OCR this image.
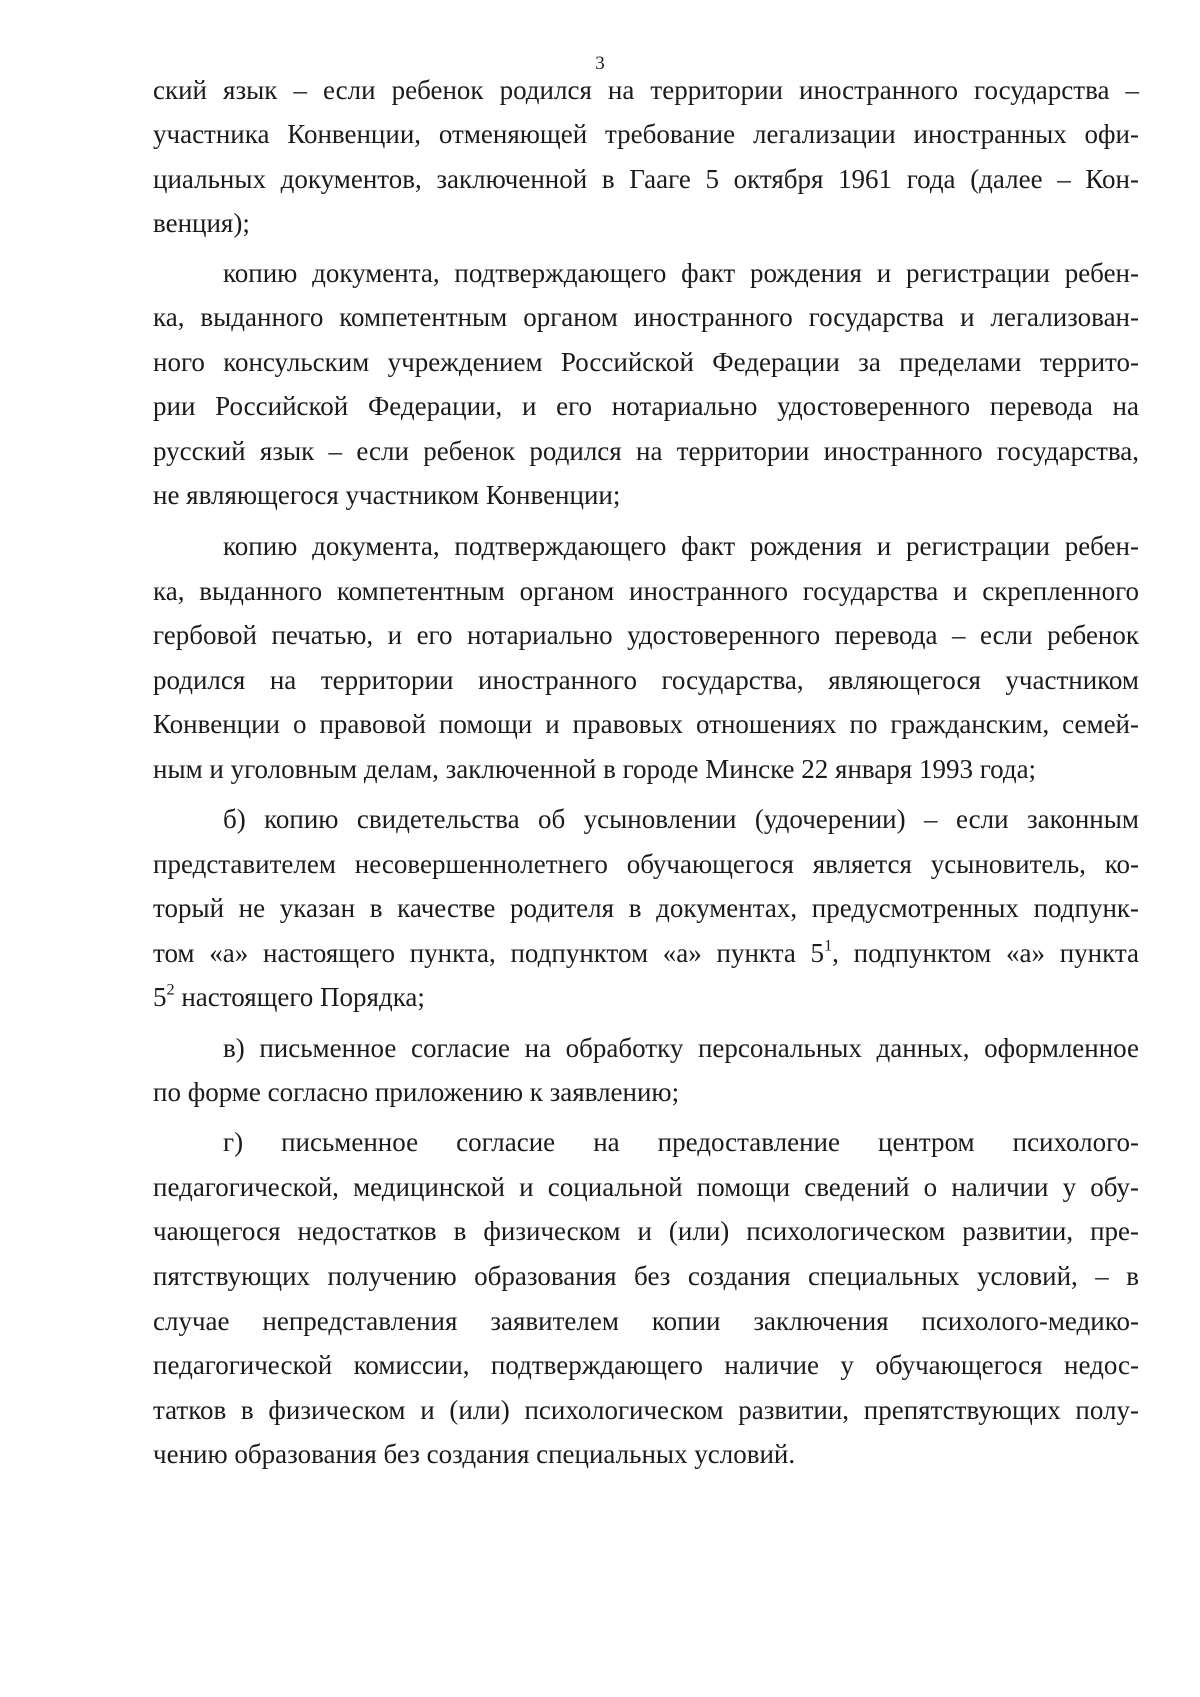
3
ский язык – если ребенок родился на территории иностранного государства –
участника Конвенции, отменяющей требование легализации иностранных офи-
циальных документов, заключенной в Гааге 5 октября 1961 года (далее – Кон-
венция);
копию документа, подтверждающего факт рождения и регистрации ребен-
ка, выданного компетентным органом иностранного государства и легализован-
ного консульским учреждением Российской Федерации за пределами террито-
рии Российской Федерации, и его нотариально удостоверенного перевода на
русский язык – если ребенок родился на территории иностранного государства,
не являющегося участником Конвенции;
копию документа, подтверждающего факт рождения и регистрации ребен-
ка, выданного компетентным органом иностранного государства и скрепленного
гербовой печатью, и его нотариально удостоверенного перевода – если ребенок
родился на территории иностранного государства, являющегося участником
Конвенции о правовой помощи и правовых отношениях по гражданским, семей-
ным и уголовным делам, заключенной в городе Минске 22 января 1993 года;
б) копию свидетельства об усыновлении (удочерении) – если законным
представителем несовершеннолетнего обучающегося является усыновитель, ко-
торый не указан в качестве родителя в документах, предусмотренных подпунк-
том «а» настоящего пункта, подпунктом «а» пункта $5^1$, подпунктом «а» пункта
$5^2$ настоящего Порядка;
в) письменное согласие на обработку персональных данных, оформленное
по форме согласно приложению к заявлению;
г) письменное согласие на предоставление центром психолого-
педагогической, медицинской и социальной помощи сведений о наличии у обу-
чающегося недостатков в физическом и (или) психологическом развитии, пре-
пятствующих получению образования без создания специальных условий, – в
случае непредставления заявителем копии заключения психолого-медико-
педагогической комиссии, подтверждающего наличие у обучающегося недос-
татков в физическом и (или) психологическом развитии, препятствующих полу-
чению образования без создания специальных условий.
